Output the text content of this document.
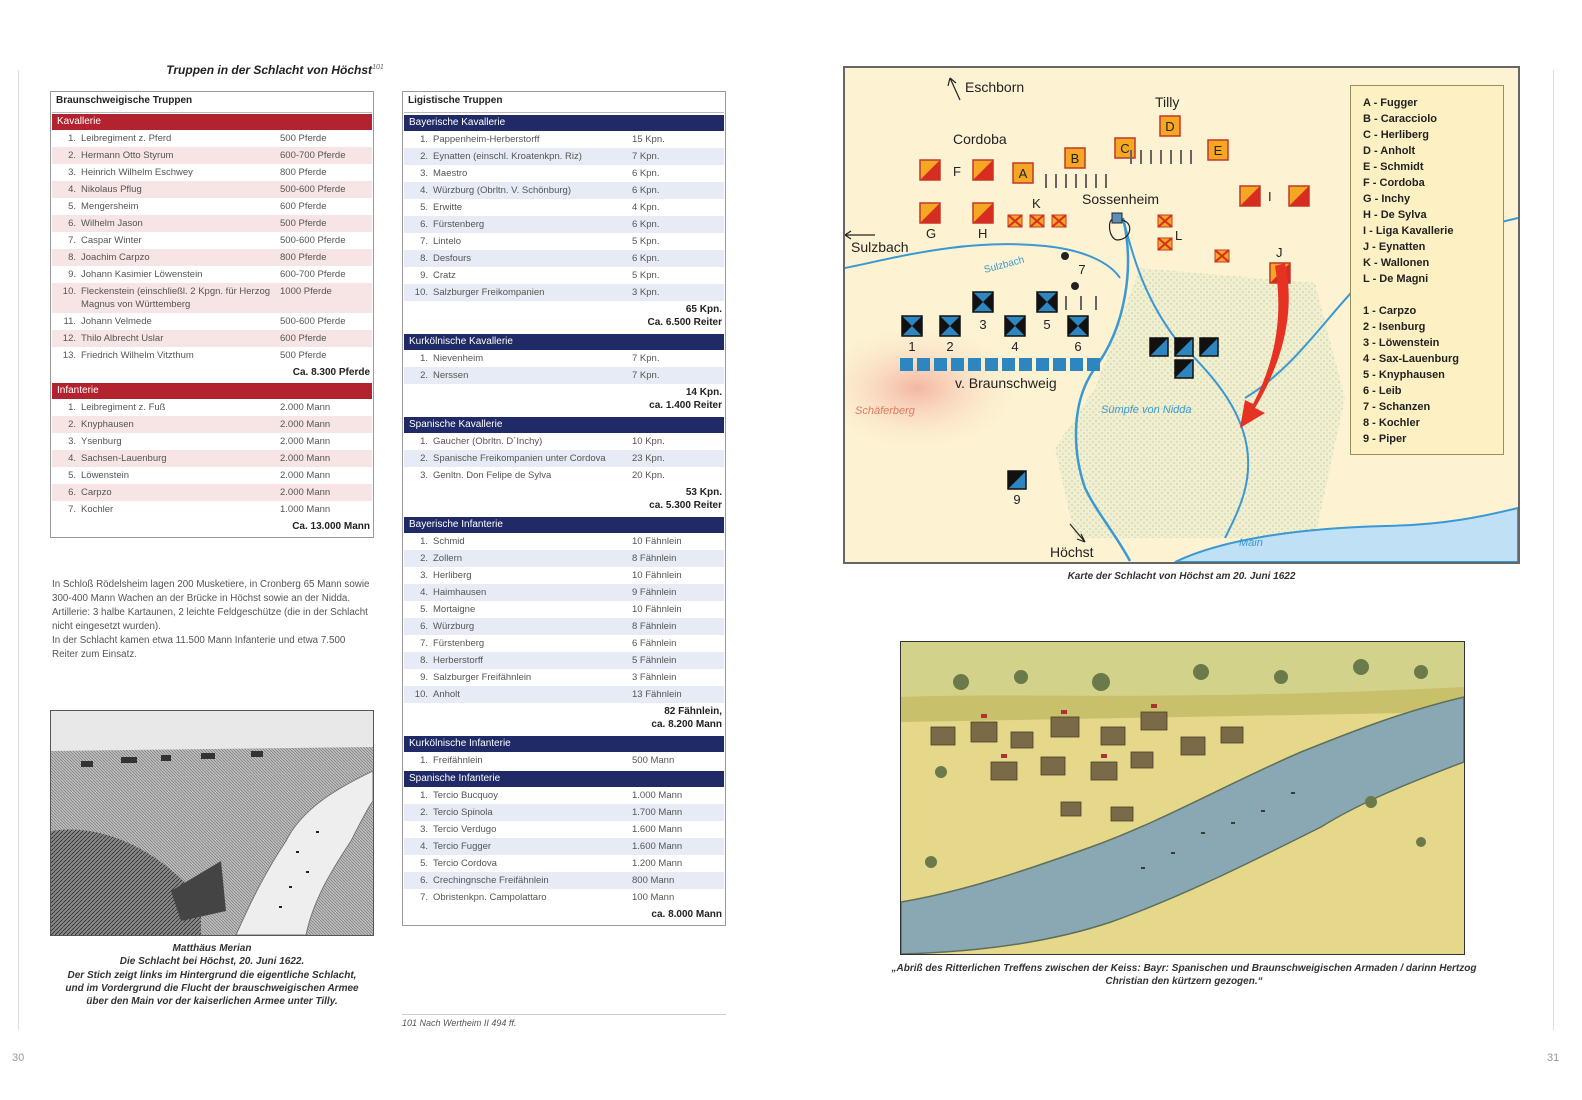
30	31
Truppen in der Schlacht von Höchst$^{101}$
Braunschweigische Truppen
Kavallerie
1. Leibregiment z. Pferd	500 Pferde
2. Hermann Otto Styrum	600-700 Pferde
3. Heinrich Wilhelm Eschwey	800 Pferde
4. Nikolaus Pflug	500-600 Pferde
5. Mengersheim	600 Pferde
6. Wilhelm Jason	500 Pferde
7. Caspar Winter	500-600 Pferde
8. Joachim Carpzo	800 Pferde
9. Johann Kasimier Löwenstein	600-700 Pferde
10. Fleckenstein (einschließl. 2 Kpgn. für Herzog Magnus von Württemberg
1000 Pferde
11. Johann Velmede	500-600 Pferde
12. Thilo Albrecht Uslar	600 Pferde
13. Friedrich Wilhelm Vitzthum	500 Pferde
Ca. 8.300 Pferde
Infanterie
1. Leibregiment z. Fuß	2.000 Mann
2. Knyphausen	2.000 Mann
3. Ysenburg	2.000 Mann
4. Sachsen-Lauenburg	2.000 Mann
5. Löwenstein	2.000 Mann
6. Carpzo	2.000 Mann
7. Kochler	1.000 Mann
Ca. 13.000 Mann
In Schloß Rödelsheim lagen 200 Musketiere, in Cronberg 65 Mann sowie 300-400 Mann Wachen an der Brücke in Höchst sowie an der Nidda.
Artillerie: 3 halbe Kartaunen, 2 leichte Feldgeschütze (die in der Schlacht nicht eingesetzt wurden).
In der Schlacht kamen etwa 11.500 Mann Infanterie und etwa 7.500 Reiter zum Einsatz.
Matthäus Merian
Die Schlacht bei Höchst, 20. Juni 1622.
Der Stich zeigt links im Hintergrund die eigentliche Schlacht, und im Vordergrund die Flucht der brauschweigischen Armee über den Main vor der kaiserlichen Armee unter Tilly.
Ligistische Truppen
Bayerische Kavallerie
1. Pappenheim-Herberstorff	15 Kpn.
2. Eynatten (einschl. Kroatenkpn. Riz)	7 Kpn.
3. Maestro	6 Kpn.
4. Würzburg (Obrltn. V. Schönburg)	6 Kpn.
5. Erwitte	4 Kpn.
6. Fürstenberg	6 Kpn.
7. Lintelo	5 Kpn.
8. Desfours	6 Kpn.
9. Cratz	5 Kpn.
10. Salzburger Freikompanien	3 Kpn.
65 Kpn.
Ca. 6.500 Reiter
Kurkölnische Kavallerie
1. Nievenheim	7 Kpn.
2. Nerssen	7 Kpn.
14 Kpn.
ca. 1.400 Reiter
Spanische Kavallerie
1. Gaucher (Obrltn. D´Inchy)	10 Kpn.
2. Spanische Freikompanien unter Cordova	23 Kpn.
3. Genltn. Don Felipe de Sylva	20 Kpn.
53 Kpn.
ca. 5.300 Reiter
Bayerische Infanterie
1. Schmid	10 Fähnlein
2. Zollern	8 Fähnlein
3. Herliberg	10 Fähnlein
4. Haimhausen	9 Fähnlein
5. Mortaigne	10 Fähnlein
6. Würzburg	8 Fähnlein
7. Fürstenberg	6 Fähnlein
8. Herberstorff	5 Fähnlein
9. Salzburger Freifähnlein	3 Fähnlein
10. Anholt	13 Fähnlein
82 Fähnlein,
ca. 8.200 Mann
Kurkölnische Infanterie
1. Freifähnlein	500 Mann
Spanische Infanterie
1. Tercio Bucquoy	1.000 Mann
2. Tercio Spinola	1.700 Mann
3. Tercio Verdugo	1.600 Mann
4. Tercio Fugger	1.600 Mann
5. Tercio Cordova	1.200 Mann
6. Crechingnsche Freifähnlein	800 Mann
7. Obristenkpn. Campolattaro	100 Mann
ca. 8.000 Mann
101 Nach Wertheim II 494 ff.
Eschborn
Tilly
Cordoba
Sossenheim
Sulzbach
Sulzbach
v. Braunschweig
Schäferberg	Sümpfe von Nidda
Höchst
Main
A
B
C
D
E
F
G	H
K	I
J
L
1 2
3
4
5
6
7
9
A - Fugger
B - Caracciolo
C - Herliberg
D - Anholt
E - Schmidt
F - Cordoba
G - Inchy
H - De Sylva
I - Liga Kavallerie
J - Eynatten
K - Wallonen
L - De Magni
1 - Carpzo
2 - Isenburg
3 - Löwenstein
4 - Sax-Lauenburg
5 - Knyphausen
6 - Leib
7 - Schanzen
8 - Kochler
9 - Piper
Karte der Schlacht von Höchst am 20. Juni 1622
„Abriß des Ritterlichen Treffens zwischen der Keiss: Bayr: Spanischen und Braunschweigischen Armaden / darinn Hertzog Christian den kürtzern gezogen.“
